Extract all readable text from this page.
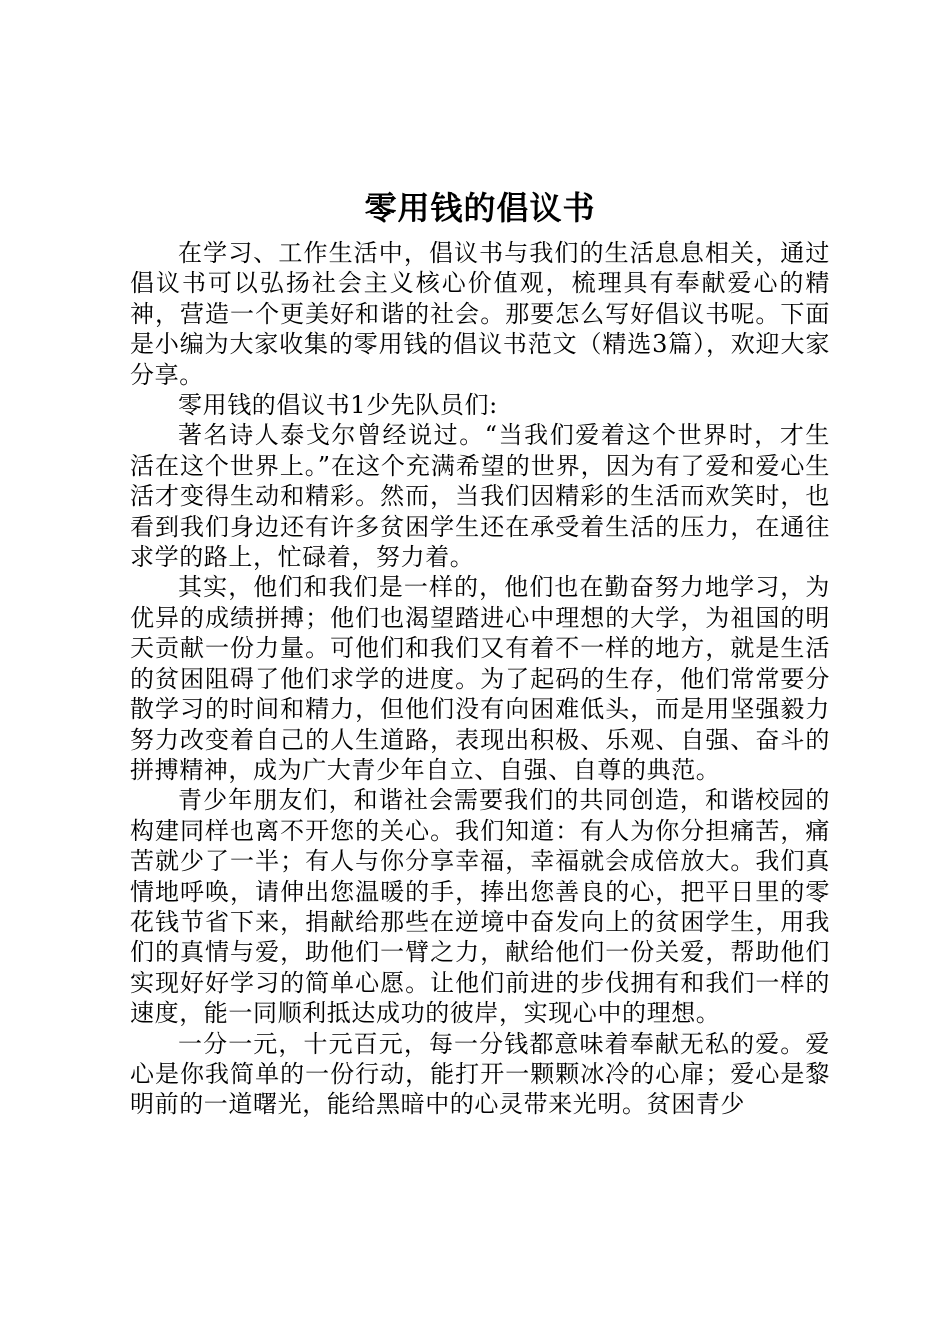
零用钱的倡议书

在学习、工作生活中，倡议书与我们的生活息息相关，通过倡议书可以弘扬社会主义核心价值观，梳理具有奉献爱心的精神，营造一个更美好和谐的社会。那要怎么写好倡议书呢。下面是小编为大家收集的零用钱的倡议书范文（精选3篇），欢迎大家分享。

零用钱的倡议书1少先队员们:

著名诗人泰戈尔曾经说过。“当我们爱着这个世界时，才生活在这个世界上。”在这个充满希望的世界，因为有了爱和爱心生活才变得生动和精彩。然而，当我们因精彩的生活而欢笑时，也看到我们身边还有许多贫困学生还在承受着生活的压力，在通往求学的路上，忙碌着，努力着。

其实，他们和我们是一样的，他们也在勤奋努力地学习，为优异的成绩拼搏；他们也渴望踏进心中理想的大学，为祖国的明天贡献一份力量。可他们和我们又有着不一样的地方，就是生活的贫困阻碍了他们求学的进度。为了起码的生存，他们常常要分散学习的时间和精力，但他们没有向困难低头，而是用坚强毅力努力改变着自己的人生道路，表现出积极、乐观、自强、奋斗的拼搏精神，成为广大青少年自立、自强、自尊的典范。

青少年朋友们，和谐社会需要我们的共同创造，和谐校园的构建同样也离不开您的关心。我们知道：有人为你分担痛苦，痛苦就少了一半；有人与你分享幸福，幸福就会成倍放大。我们真情地呼唤，请伸出您温暖的手，捧出您善良的心，把平日里的零花钱节省下来，捐献给那些在逆境中奋发向上的贫困学生，用我们的真情与爱，助他们一臂之力，献给他们一份关爱，帮助他们实现好好学习的简单心愿。让他们前进的步伐拥有和我们一样的速度，能一同顺利抵达成功的彼岸，实现心中的理想。

一分一元，十元百元，每一分钱都意味着奉献无私的爱。爱心是你我简单的一份行动，能打开一颗颗冰冷的心扉；爱心是黎明前的一道曙光，能给黑暗中的心灵带来光明。贫困青少
